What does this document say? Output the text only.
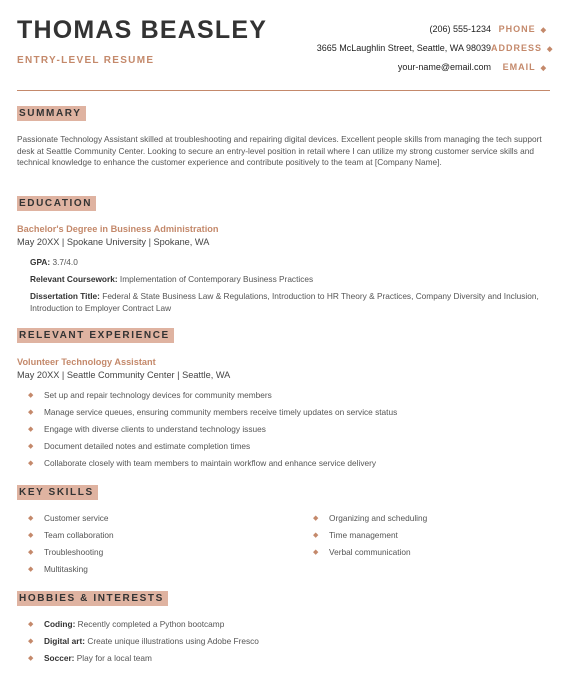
THOMAS BEASLEY
ENTRY-LEVEL RESUME
(206) 555-1234 PHONE ◆
3665 McLaughlin Street, Seattle, WA 98039 ADDRESS ◆
your-name@email.com	EMAIL ◆
SUMMARY
Passionate Technology Assistant skilled at troubleshooting and repairing digital devices. Excellent people skills from managing the tech support desk at Seattle Community Center. Looking to secure an entry-level position in retail where I can utilize my strong customer service skills and technical knowledge to enhance the customer experience and contribute positively to the team at [Company Name].
EDUCATION
Bachelor's Degree in Business Administration
May 20XX | Spokane University | Spokane, WA
GPA: 3.7/4.0
Relevant Coursework: Implementation of Contemporary Business Practices
Dissertation Title: Federal & State Business Law & Regulations, Introduction to HR Theory & Practices, Company Diversity and Inclusion, Introduction to Employer Contract Law
RELEVANT EXPERIENCE
Volunteer Technology Assistant
May 20XX | Seattle Community Center | Seattle, WA
◆ Set up and repair technology devices for community members
◆ Manage service queues, ensuring community members receive timely updates on service status
◆ Engage with diverse clients to understand technology issues
◆ Document detailed notes and estimate completion times
◆ Collaborate closely with team members to maintain workflow and enhance service delivery
KEY SKILLS
◆ Customer service
◆ Team collaboration
◆ Troubleshooting
◆ Multitasking
◆ Organizing and scheduling
◆ Time management
◆ Verbal communication
HOBBIES & INTERESTS
◆ Coding: Recently completed a Python bootcamp
◆ Digital art: Create unique illustrations using Adobe Fresco
◆ Soccer: Play for a local team
